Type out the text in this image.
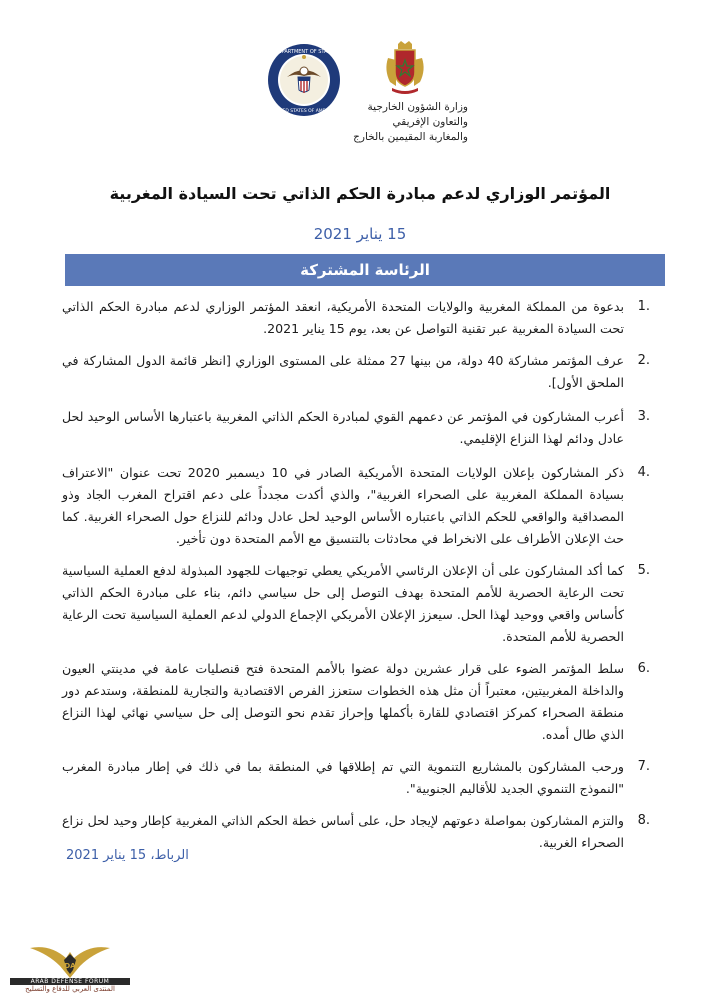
DEPARTMENT OF STATE
UNITED STATES OF AMERICA	وزارة الشؤون الخارجية
والتعاون الإفريقي
والمغاربة المقيمين بالخارج
المؤتمر الوزاري لدعم مبادرة الحكم الذاتي تحت السيادة المغربية
15 يناير 2021
الرئاسة المشتركة
.1
بدعوة من المملكة المغربية والولايات المتحدة الأمريكية، انعقد المؤتمر الوزاري لدعم مبادرة الحكم الذاتي تحت السيادة المغربية عبر تقنية التواصل عن بعد، يوم 15 يناير 2021.
.2
عرف المؤتمر مشاركة 40 دولة، من بينها 27 ممثلة على المستوى الوزاري [انظر قائمة الدول المشاركة في الملحق الأول].
.3
أعرب المشاركون في المؤتمر عن دعمهم القوي لمبادرة الحكم الذاتي المغربية باعتبارها الأساس الوحيد لحل عادل ودائم لهذا النزاع الإقليمي.
.4
ذكر المشاركون بإعلان الولايات المتحدة الأمريكية الصادر في 10 ديسمبر 2020 تحت عنوان "الاعتراف بسيادة المملكة المغربية على الصحراء الغربية"، والذي أكدت مجدداً على دعم اقتراح المغرب الجاد وذو المصداقية والواقعي للحكم الذاتي باعتباره الأساس الوحيد لحل عادل ودائم للنزاع حول الصحراء الغربية. كما حث الإعلان الأطراف على الانخراط في محادثات بالتنسيق مع الأمم المتحدة دون تأخير.
.5
كما أكد المشاركون على أن الإعلان الرئاسي الأمريكي يعطي توجيهات للجهود المبذولة لدفع العملية السياسية تحت الرعاية الحصرية للأمم المتحدة بهدف التوصل إلى حل سياسي دائم، بناء على مبادرة الحكم الذاتي كأساس واقعي ووحيد لهذا الحل. سيعزز الإعلان الأمريكي الإجماع الدولي لدعم العملية السياسية تحت الرعاية الحصرية للأمم المتحدة.
.6
سلط المؤتمر الضوء على قرار عشرين دولة عضوا بالأمم المتحدة فتح قنصليات عامة في مدينتي العيون والداخلة المغربيتين، معتبراً أن مثل هذه الخطوات ستعزز الفرص الاقتصادية والتجارية للمنطقة، وستدعم دور منطقة الصحراء كمركز اقتصادي للقارة بأكملها وإحراز تقدم نحو التوصل إلى حل سياسي نهائي لهذا النزاع الذي طال أمده.
.7
ورحب المشاركون بالمشاريع التنموية التي تم إطلاقها في المنطقة بما في ذلك في إطار مبادرة المغرب "النموذج التنموي الجديد للأقاليم الجنوبية".
.8
والتزم المشاركون بمواصلة دعوتهم لإيجاد حل، على أساس خطة الحكم الذاتي المغربية كإطار وحيد لحل نزاع الصحراء الغربية.
الرباط، 15 يناير 2021
DA
ARAB DEFENSE FORUM
المنتدى العربي للدفاع والتسليح
